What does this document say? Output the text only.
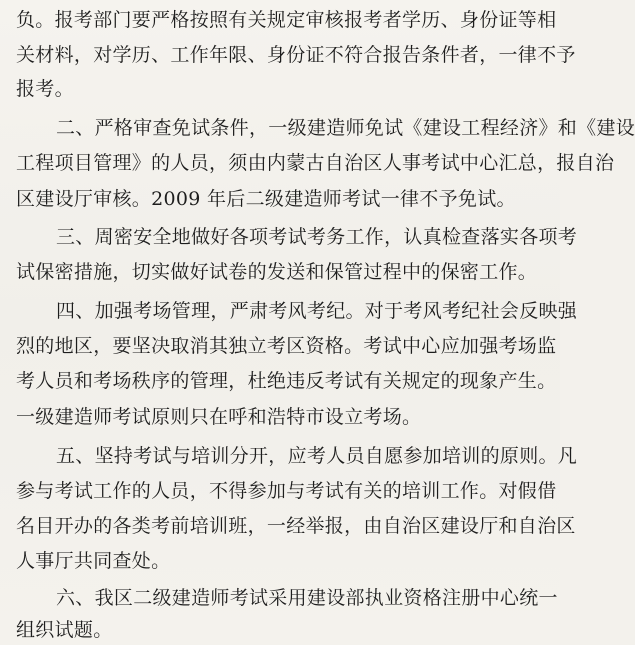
负。报考部门要严格按照有关规定审核报考者学历、身份证等相
关材料，对学历、工作年限、身份证不符合报告条件者，一律不予
报考。
二、严格审查免试条件，一级建造师免试《建设工程经济》和《建设
工程项目管理》的人员，须由内蒙古自治区人事考试中心汇总，报自治
区建设厅审核。2009 年后二级建造师考试一律不予免试。
三、周密安全地做好各项考试考务工作，认真检查落实各项考
试保密措施，切实做好试卷的发送和保管过程中的保密工作。
四、加强考场管理，严肃考风考纪。对于考风考纪社会反映强
烈的地区，要坚决取消其独立考区资格。考试中心应加强考场监
考人员和考场秩序的管理，杜绝违反考试有关规定的现象产生。
一级建造师考试原则只在呼和浩特市设立考场。
五、坚持考试与培训分开，应考人员自愿参加培训的原则。凡
参与考试工作的人员，不得参加与考试有关的培训工作。对假借
名目开办的各类考前培训班，一经举报，由自治区建设厅和自治区
人事厅共同查处。
六、我区二级建造师考试采用建设部执业资格注册中心统一
组织试题。
